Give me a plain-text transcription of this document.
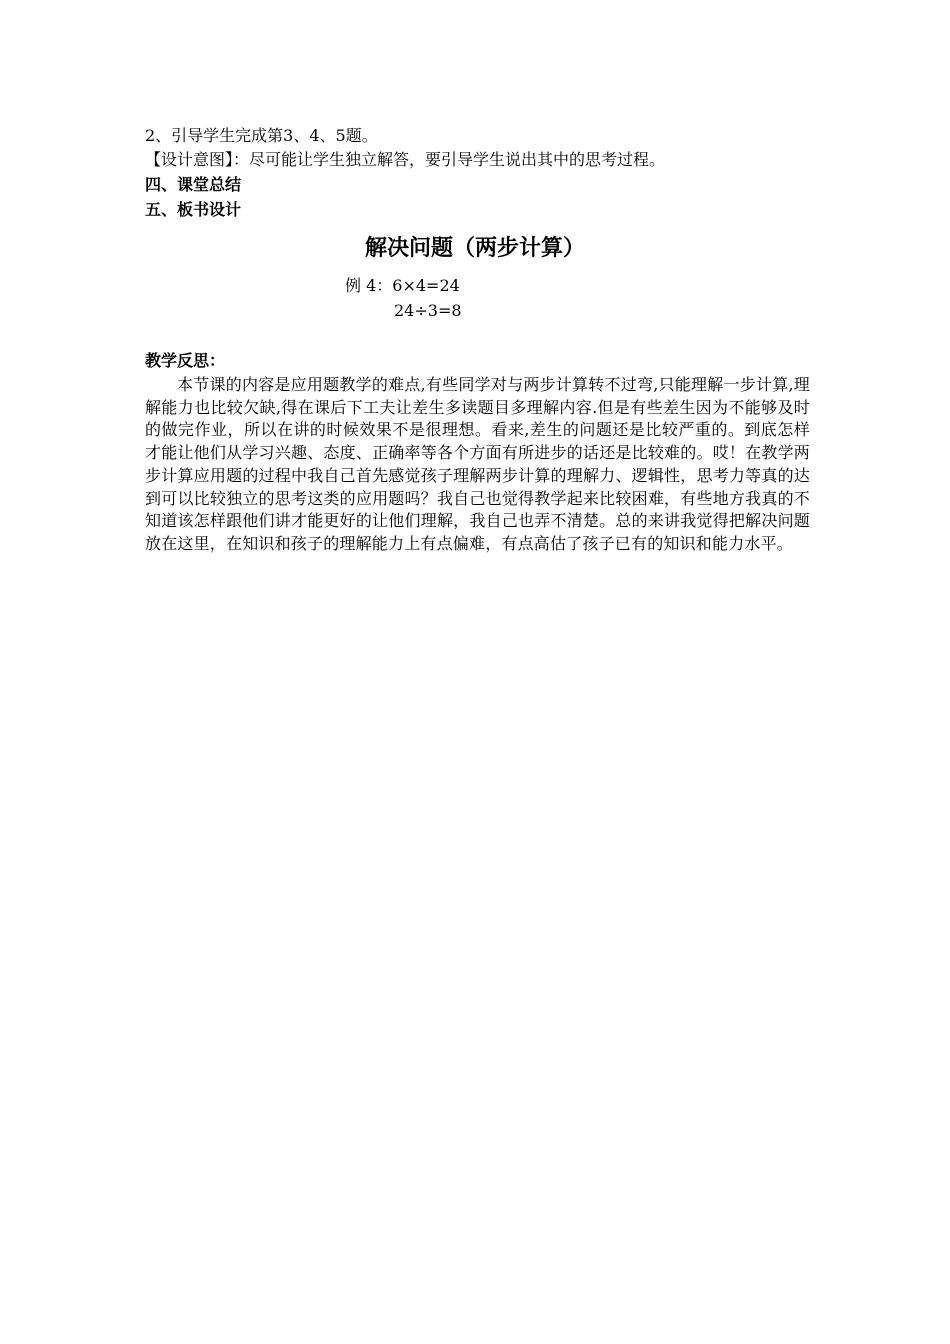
2、引导学生完成第3、4、5题。
【设计意图】：尽可能让学生独立解答，要引导学生说出其中的思考过程。
四、课堂总结
五、板书设计
解决问题（两步计算）
例 4：6×4=24
24÷3=8
教学反思：
本节课的内容是应用题教学的难点,有些同学对与两步计算转不过弯,只能理解一步计算,理解能力也比较欠缺,得在课后下工夫让差生多读题目多理解内容.但是有些差生因为不能够及时的做完作业，所以在讲的时候效果不是很理想。看来,差生的问题还是比较严重的。到底怎样才能让他们从学习兴趣、态度、正确率等各个方面有所进步的话还是比较难的。哎！在教学两步计算应用题的过程中我自己首先感觉孩子理解两步计算的理解力、逻辑性，思考力等真的达到可以比较独立的思考这类的应用题吗？我自己也觉得教学起来比较困难，有些地方我真的不知道该怎样跟他们讲才能更好的让他们理解，我自己也弄不清楚。总的来讲我觉得把解决问题放在这里，在知识和孩子的理解能力上有点偏难，有点高估了孩子已有的知识和能力水平。
